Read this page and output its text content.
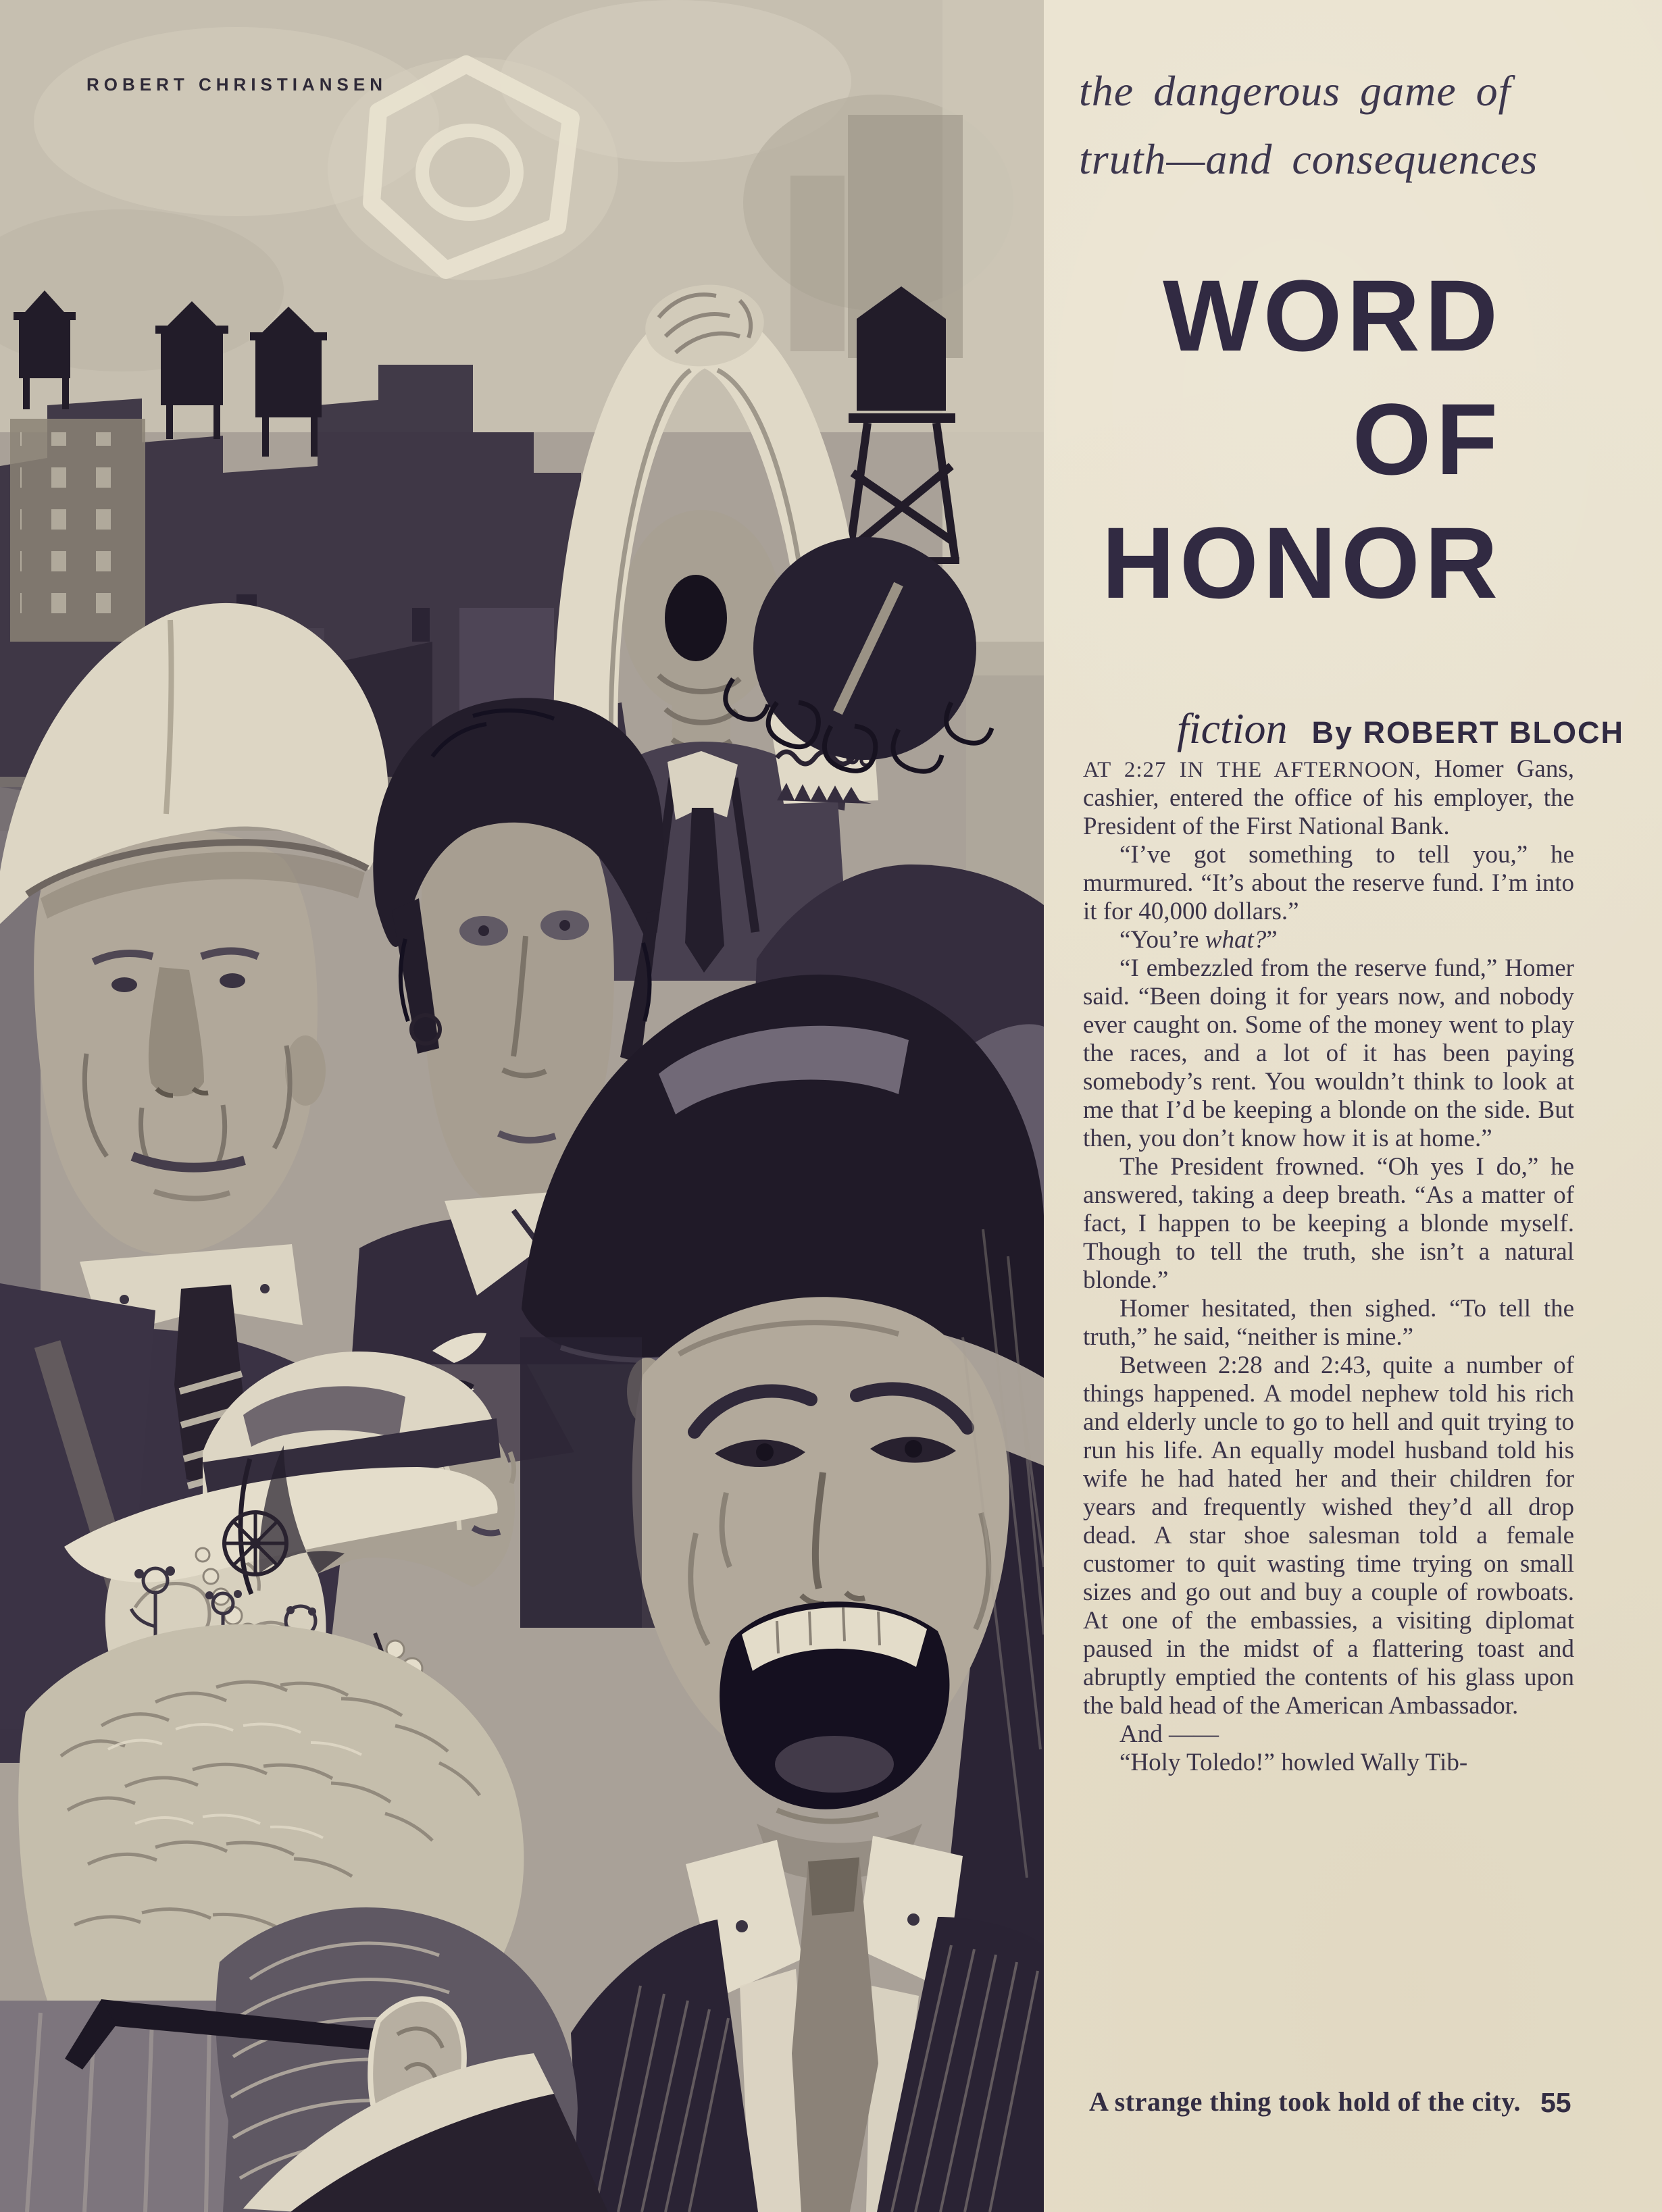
ROBERT CHRISTIANSEN	the dangerous game of
truth—and consequences
WORD
OF
HONOR
fiction By ROBERT BLOCH

AT 2:27 IN THE AFTERNOON, Homer Gans, cashier, entered the office of his employer, the President of the First National Bank.

“I’ve got something to tell you,” he murmured. “It’s about the reserve fund. I’m into it for 40,000 dollars.”

“You’re what?”

“I embezzled from the reserve fund,” Homer said. “Been doing it for years now, and nobody ever caught on. Some of the money went to play the races, and a lot of it has been paying somebody’s rent. You wouldn’t think to look at me that I’d be keeping a blonde on the side. But then, you don’t know how it is at home.”

The President frowned. “Oh yes I do,” he answered, taking a deep breath. “As a matter of fact, I happen to be keeping a blonde myself. Though to tell the truth, she isn’t a natural blonde.”

Homer hesitated, then sighed. “To tell the truth,” he said, “neither is mine.”

Between 2:28 and 2:43, quite a number of things happened. A model nephew told his rich and elderly uncle to go to hell and quit trying to run his life. An equally model husband told his wife he had hated her and their children for years and frequently wished they’d all drop dead. A star shoe salesman told a female customer to quit wasting time trying on small sizes and go out and buy a couple of rowboats. At one of the embassies, a visiting diplomat paused in the midst of a flattering toast and abruptly emptied the contents of his glass upon the bald head of the American Ambassador.

And ——

“Holy Toledo!” howled Wally Tib-

A strange thing took hold of the city. 55
